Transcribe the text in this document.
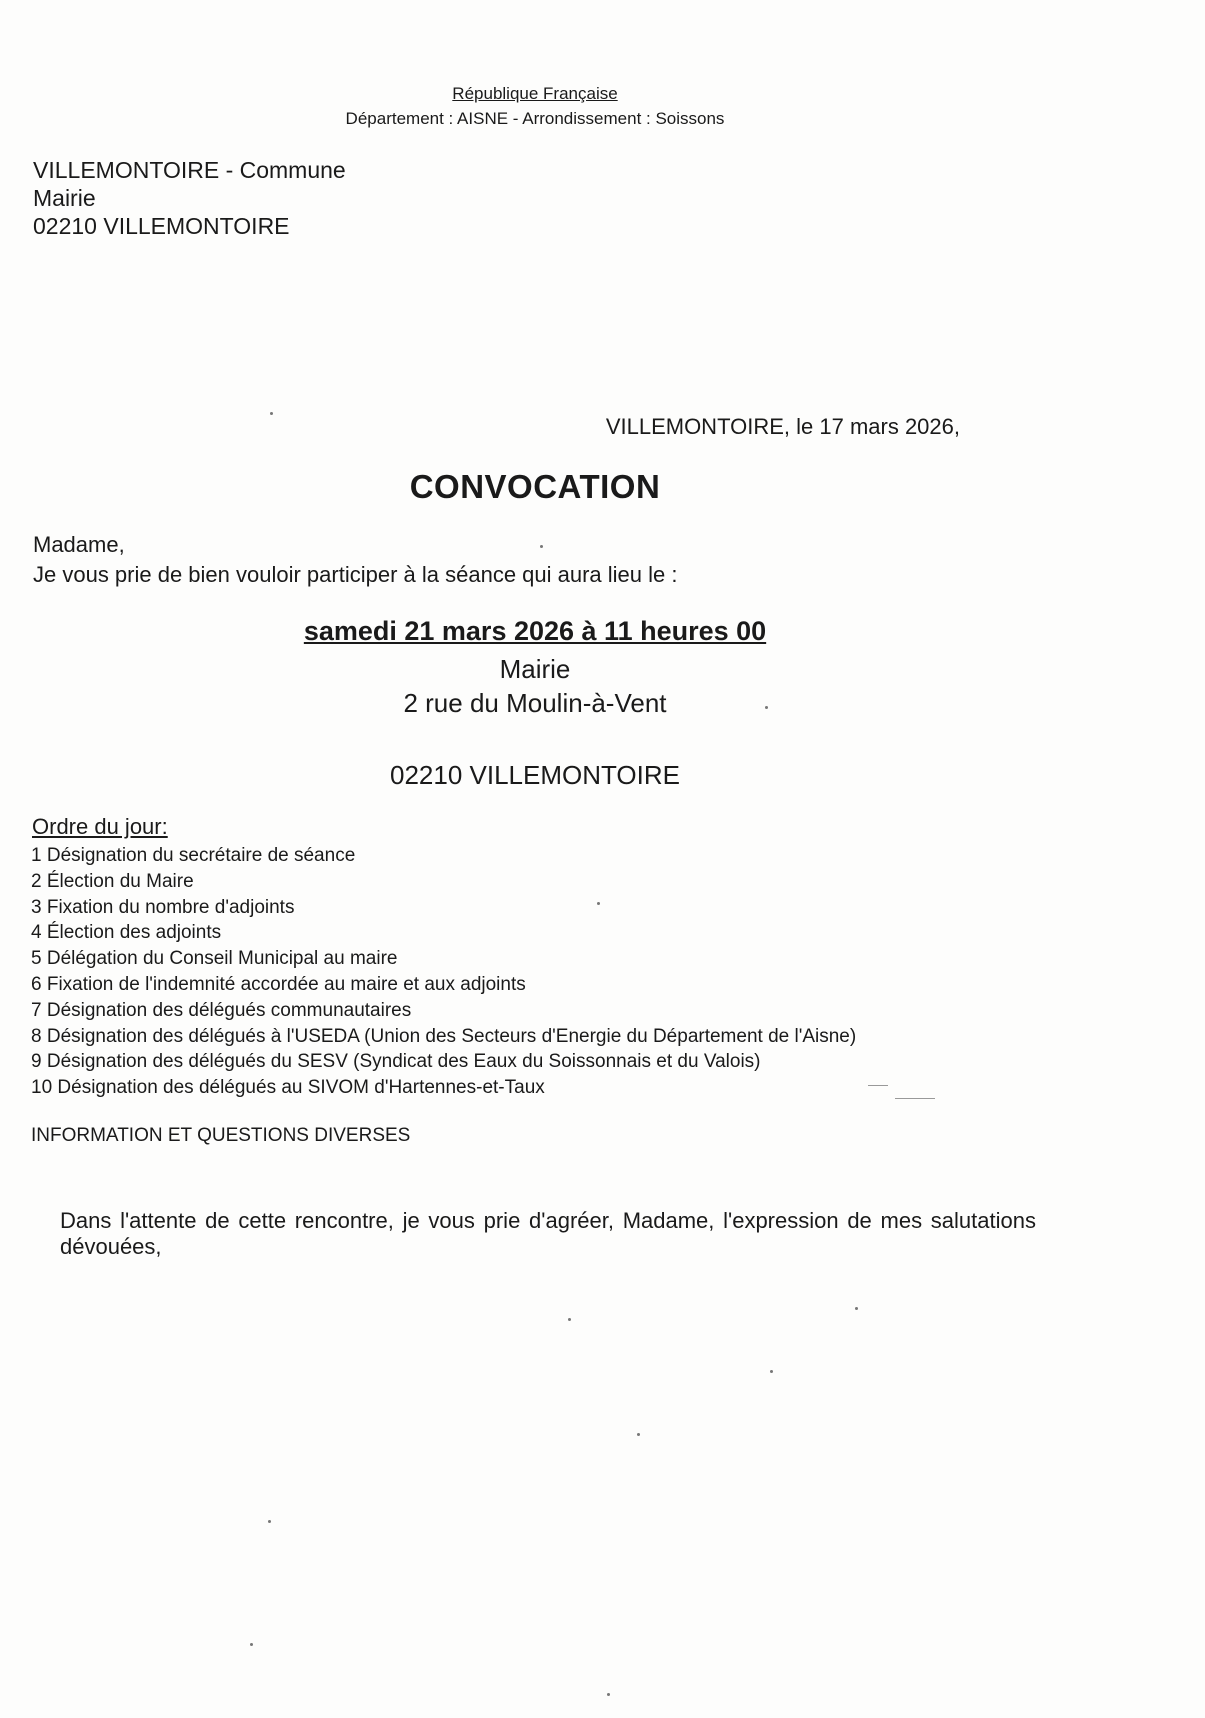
République Française

Département : AISNE - Arrondissement : Soissons

VILLEMONTOIRE - Commune

Mairie

02210 VILLEMONTOIRE

VILLEMONTOIRE, le 17 mars 2026,

CONVOCATION

Madame,

Je vous prie de bien vouloir participer à la séance qui aura lieu le :

samedi 21 mars 2026 à 11 heures 00

Mairie

2 rue du Moulin-à-Vent

02210 VILLEMONTOIRE

Ordre du jour:

1 Désignation du secrétaire de séance
2 Élection du Maire
3 Fixation du nombre d'adjoints
4 Élection des adjoints
5 Délégation du Conseil Municipal au maire
6 Fixation de l'indemnité accordée au maire et aux adjoints
7 Désignation des délégués communautaires
8 Désignation des délégués à l'USEDA (Union des Secteurs d'Energie du Département de l'Aisne)
9 Désignation des délégués du SESV (Syndicat des Eaux du Soissonnais et du Valois)
10 Désignation des délégués au SIVOM d'Hartennes-et-Taux

INFORMATION ET QUESTIONS DIVERSES

Dans l'attente de cette rencontre, je vous prie d'agréer, Madame, l'expression de mes salutations dévouées,
